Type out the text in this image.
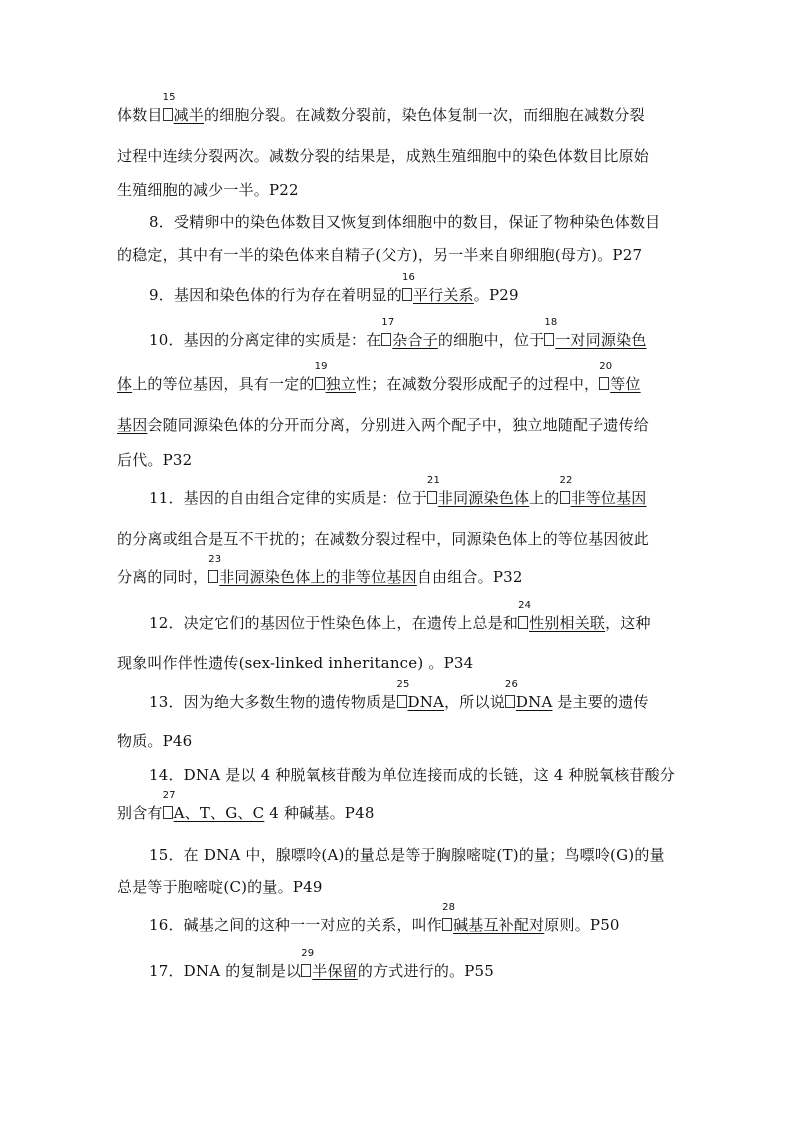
体数目
15
减半的细胞分裂。在减数分裂前，染色体复制一次，而细胞在减数分裂
过程中连续分裂两次。减数分裂的结果是，成熟生殖细胞中的染色体数目比原始
生殖细胞的减少一半。P22
8．受精卵中的染色体数目又恢复到体细胞中的数目，保证了物种染色体数目
的稳定，其中有一半的染色体来自精子(父方)，另一半来自卵细胞(母方)。P27
9．基因和染色体的行为存在着明显的
16
平行关系。P29
10．基因的分离定律的实质是：在
17
杂合子的细胞中，位于
18
一对同源染色
体上的等位基因，具有一定的
19
独立性；在减数分裂形成配子的过程中，
20
等位
基因会随同源染色体的分开而分离，分别进入两个配子中，独立地随配子遗传给
后代。P32
11．基因的自由组合定律的实质是：位于
21
非同源染色体上的
22
非等位基因
的分离或组合是互不干扰的；在减数分裂过程中，同源染色体上的等位基因彼此
分离的同时，
23
非同源染色体上的非等位基因自由组合。P32
12．决定它们的基因位于性染色体上，在遗传上总是和
24
性别相关联，这种
现象叫作伴性遗传(sex-linked inheritance) 。P34
13．因为绝大多数生物的遗传物质是
25
DNA，所以说
26
DNA 是主要的遗传
物质。P46
14．DNA 是以 4 种脱氧核苷酸为单位连接而成的长链，这 4 种脱氧核苷酸分
别含有
27
A、T、G、C 4 种碱基。P48
15．在 DNA 中，腺嘌呤(A)的量总是等于胸腺嘧啶(T)的量；鸟嘌呤(G)的量
总是等于胞嘧啶(C)的量。P49
16．碱基之间的这种一一对应的关系，叫作
28
碱基互补配对原则。P50
17．DNA 的复制是以
29
半保留的方式进行的。P55
